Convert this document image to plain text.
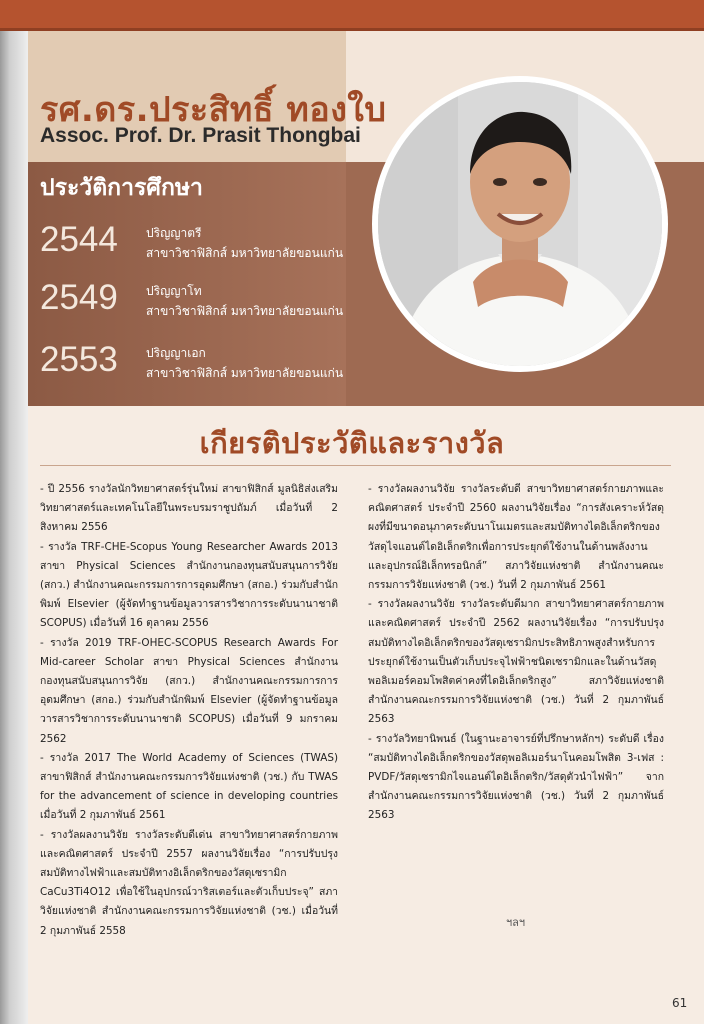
รศ.ดร.ประสิทธิ์ ทองใบ
Assoc. Prof. Dr. Prasit Thongbai
ประวัติการศึกษา
2544 ปริญญาตรี
สาขาวิชาฟิสิกส์ มหาวิทยาลัยขอนแก่น
2549 ปริญญาโท
สาขาวิชาฟิสิกส์ มหาวิทยาลัยขอนแก่น
2553 ปริญญาเอก
สาขาวิชาฟิสิกส์ มหาวิทยาลัยขอนแก่น
เกียรติประวัติและรางวัล
- ปี 2556 รางวัลนักวิทยาศาสตร์รุ่นใหม่ สาขาฟิสิกส์ มูลนิธิส่งเสริมวิทยาศาสตร์และเทคโนโลยีในพระบรมราชูปถัมภ์ เมื่อวันที่ 2 สิงหาคม 2556
- รางวัล TRF-CHE-Scopus Young Researcher Awards 2013 สาขา Physical Sciences สำนักงานกองทุนสนับสนุนการวิจัย (สกว.) สำนักงานคณะกรรมการการอุดมศึกษา (สกอ.) ร่วมกับสำนักพิมพ์ Elsevier (ผู้จัดทำฐานข้อมูลวารสารวิชาการระดับนานาชาติ SCOPUS) เมื่อวันที่ 16 ตุลาคม 2556
- รางวัล 2019 TRF-OHEC-SCOPUS Research Awards For Mid-career Scholar สาขา Physical Sciences สำนักงานกองทุนสนับสนุนการวิจัย (สกว.) สำนักงานคณะกรรมการการอุดมศึกษา (สกอ.) ร่วมกับสำนักพิมพ์ Elsevier (ผู้จัดทำฐานข้อมูลวารสารวิชาการระดับนานาชาติ SCOPUS) เมื่อวันที่ 9 มกราคม 2562
- รางวัล 2017 The World Academy of Sciences (TWAS) สาขาฟิสิกส์ สำนักงานคณะกรรมการวิจัยแห่งชาติ (วช.) กับ TWAS for the advancement of science in developing countries เมื่อวันที่ 2 กุมภาพันธ์ 2561
- รางวัลผลงานวิจัย รางวัลระดับดีเด่น สาขาวิทยาศาสตร์กายภาพและคณิตศาสตร์ ประจำปี 2557 ผลงานวิจัยเรื่อง “การปรับปรุงสมบัติทางไฟฟ้าและสมบัติทางอิเล็กตริกของวัสดุเซรามิก CaCu3Ti4O12 เพื่อใช้ในอุปกรณ์วาริสเตอร์และตัวเก็บประจุ” สภาวิจัยแห่งชาติ สำนักงานคณะกรรมการวิจัยแห่งชาติ (วช.) เมื่อวันที่ 2 กุมภาพันธ์ 2558
- รางวัลผลงานวิจัย รางวัลระดับดี สาขาวิทยาศาสตร์กายภาพและคณิตศาสตร์ ประจำปี 2560 ผลงานวิจัยเรื่อง “การสังเคราะห์วัสดุผงที่มีขนาดอนุภาคระดับนาโนเมตรและสมบัติทางไดอิเล็กตริกของวัสดุไจแอนต์ไดอิเล็กตริกเพื่อการประยุกต์ใช้งานในด้านพลังงานและอุปกรณ์อิเล็กทรอนิกส์” สภาวิจัยแห่งชาติ สำนักงานคณะกรรมการวิจัยแห่งชาติ (วช.) วันที่ 2 กุมภาพันธ์ 2561
- รางวัลผลงานวิจัย รางวัลระดับดีมาก สาขาวิทยาศาสตร์กายภาพและคณิตศาสตร์ ประจำปี 2562 ผลงานวิจัยเรื่อง “การปรับปรุงสมบัติทางไดอิเล็กตริกของวัสดุเซรามิกประสิทธิภาพสูงสำหรับการประยุกต์ใช้งานเป็นตัวเก็บประจุไฟฟ้าชนิดเซรามิกและในด้านวัสดุพอลิเมอร์คอมโพสิตค่าคงที่ไดอิเล็กตริกสูง” สภาวิจัยแห่งชาติ สำนักงานคณะกรรมการวิจัยแห่งชาติ (วช.) วันที่ 2 กุมภาพันธ์ 2563
- รางวัลวิทยานิพนธ์ (ในฐานะอาจารย์ที่ปรึกษาหลักฯ) ระดับดี เรื่อง “สมบัติทางไดอิเล็กตริกของวัสดุพอลิเมอร์นาโนคอมโพสิต 3-เฟส : PVDF/วัสดุเซรามิกไจแอนต์ไดอิเล็กตริก/วัสดุตัวนำไฟฟ้า” จากสำนักงานคณะกรรมการวิจัยแห่งชาติ (วช.) วันที่ 2 กุมภาพันธ์ 2563
ฯลฯ
61
